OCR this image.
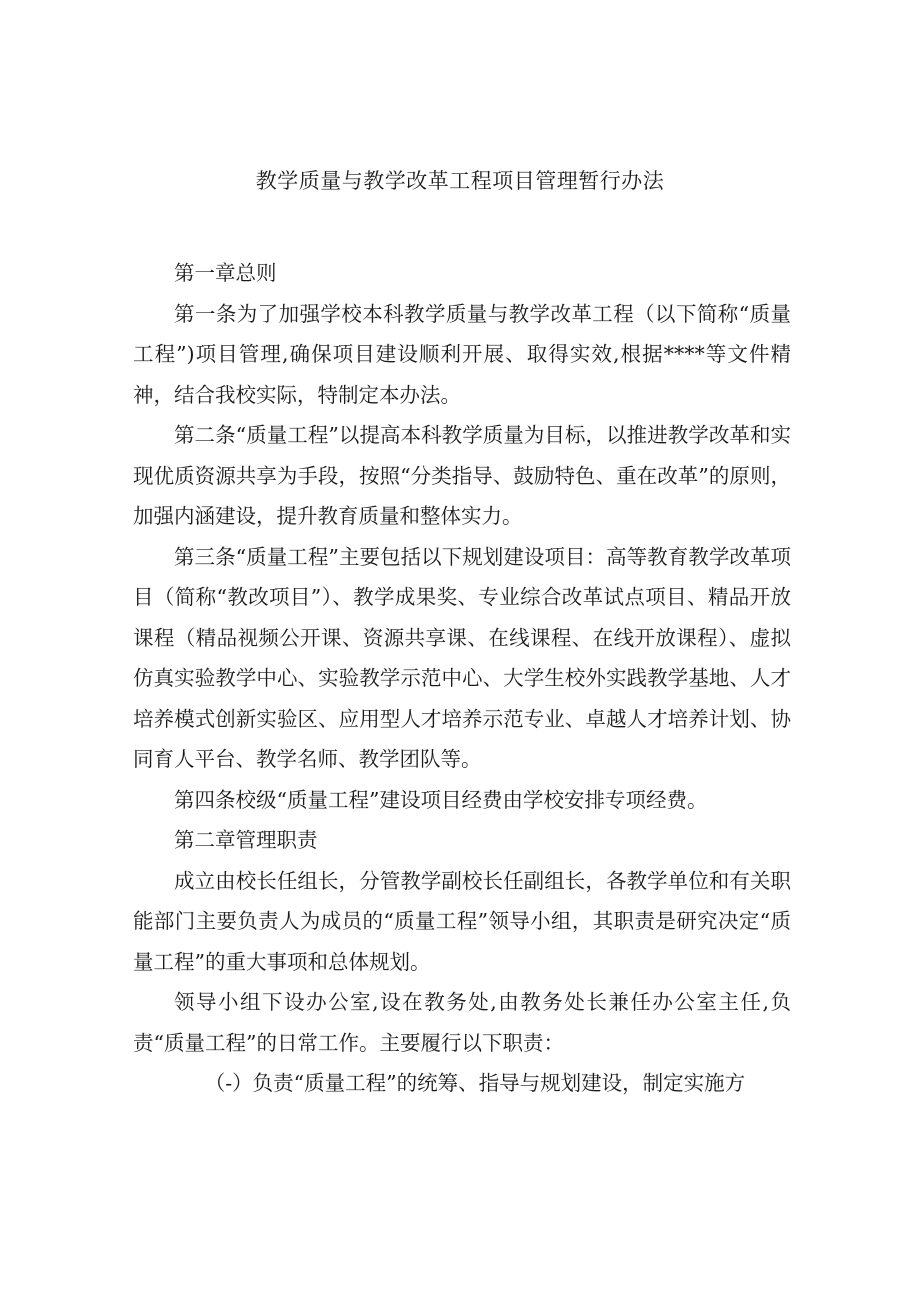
教学质量与教学改革工程项目管理暂行办法

第一章总则

第一条为了加强学校本科教学质量与教学改革工程（以下简称“质量工程”)项目管理,确保项目建设顺利开展、取得实效,根据****等文件精神，结合我校实际，特制定本办法。

第二条“质量工程”以提高本科教学质量为目标，以推进教学改革和实现优质资源共享为手段，按照“分类指导、鼓励特色、重在改革”的原则，加强内涵建设，提升教育质量和整体实力。

第三条“质量工程”主要包括以下规划建设项目：高等教育教学改革项目（简称“教改项目”）、教学成果奖、专业综合改革试点项目、精品开放课程（精品视频公开课、资源共享课、在线课程、在线开放课程）、虚拟仿真实验教学中心、实验教学示范中心、大学生校外实践教学基地、人才培养模式创新实验区、应用型人才培养示范专业、卓越人才培养计划、协同育人平台、教学名师、教学团队等。

第四条校级“质量工程”建设项目经费由学校安排专项经费。

第二章管理职责

成立由校长任组长，分管教学副校长任副组长，各教学单位和有关职能部门主要负责人为成员的“质量工程”领导小组，其职责是研究决定“质量工程”的重大事项和总体规划。

领导小组下设办公室,设在教务处,由教务处长兼任办公室主任,负责“质量工程”的日常工作。主要履行以下职责：

（-）负责“质量工程”的统筹、指导与规划建设，制定实施方
